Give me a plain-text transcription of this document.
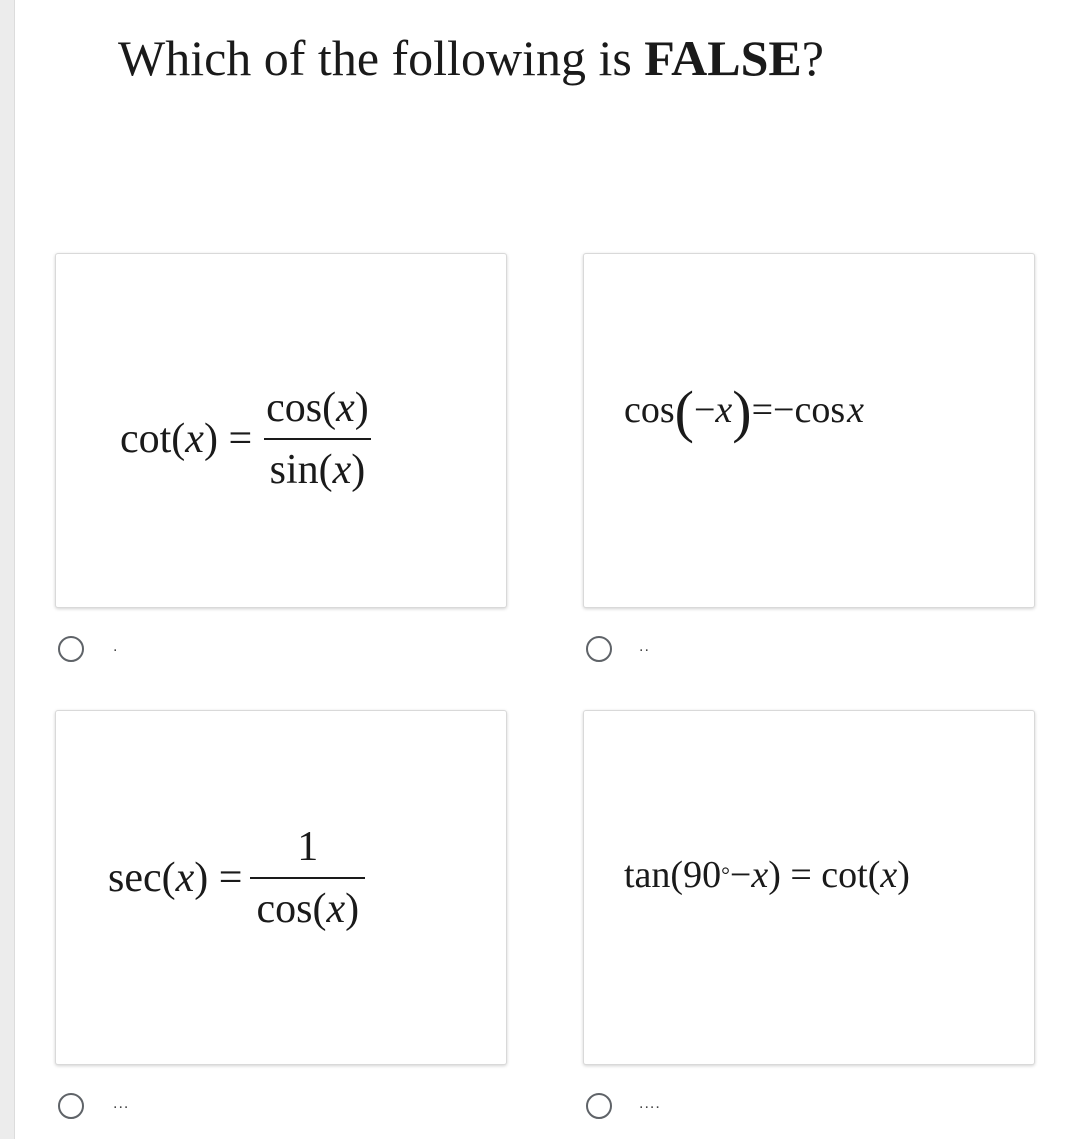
Which of the following is FALSE?
cot( x ) = $\frac{\cos(x)}{\sin(x)}$
.
cos ( − x ) =−cos x
..
sec( x ) = $\frac{1}{\cos(x)}$
...
tan(90 ° − x ) = cot( x )
....
